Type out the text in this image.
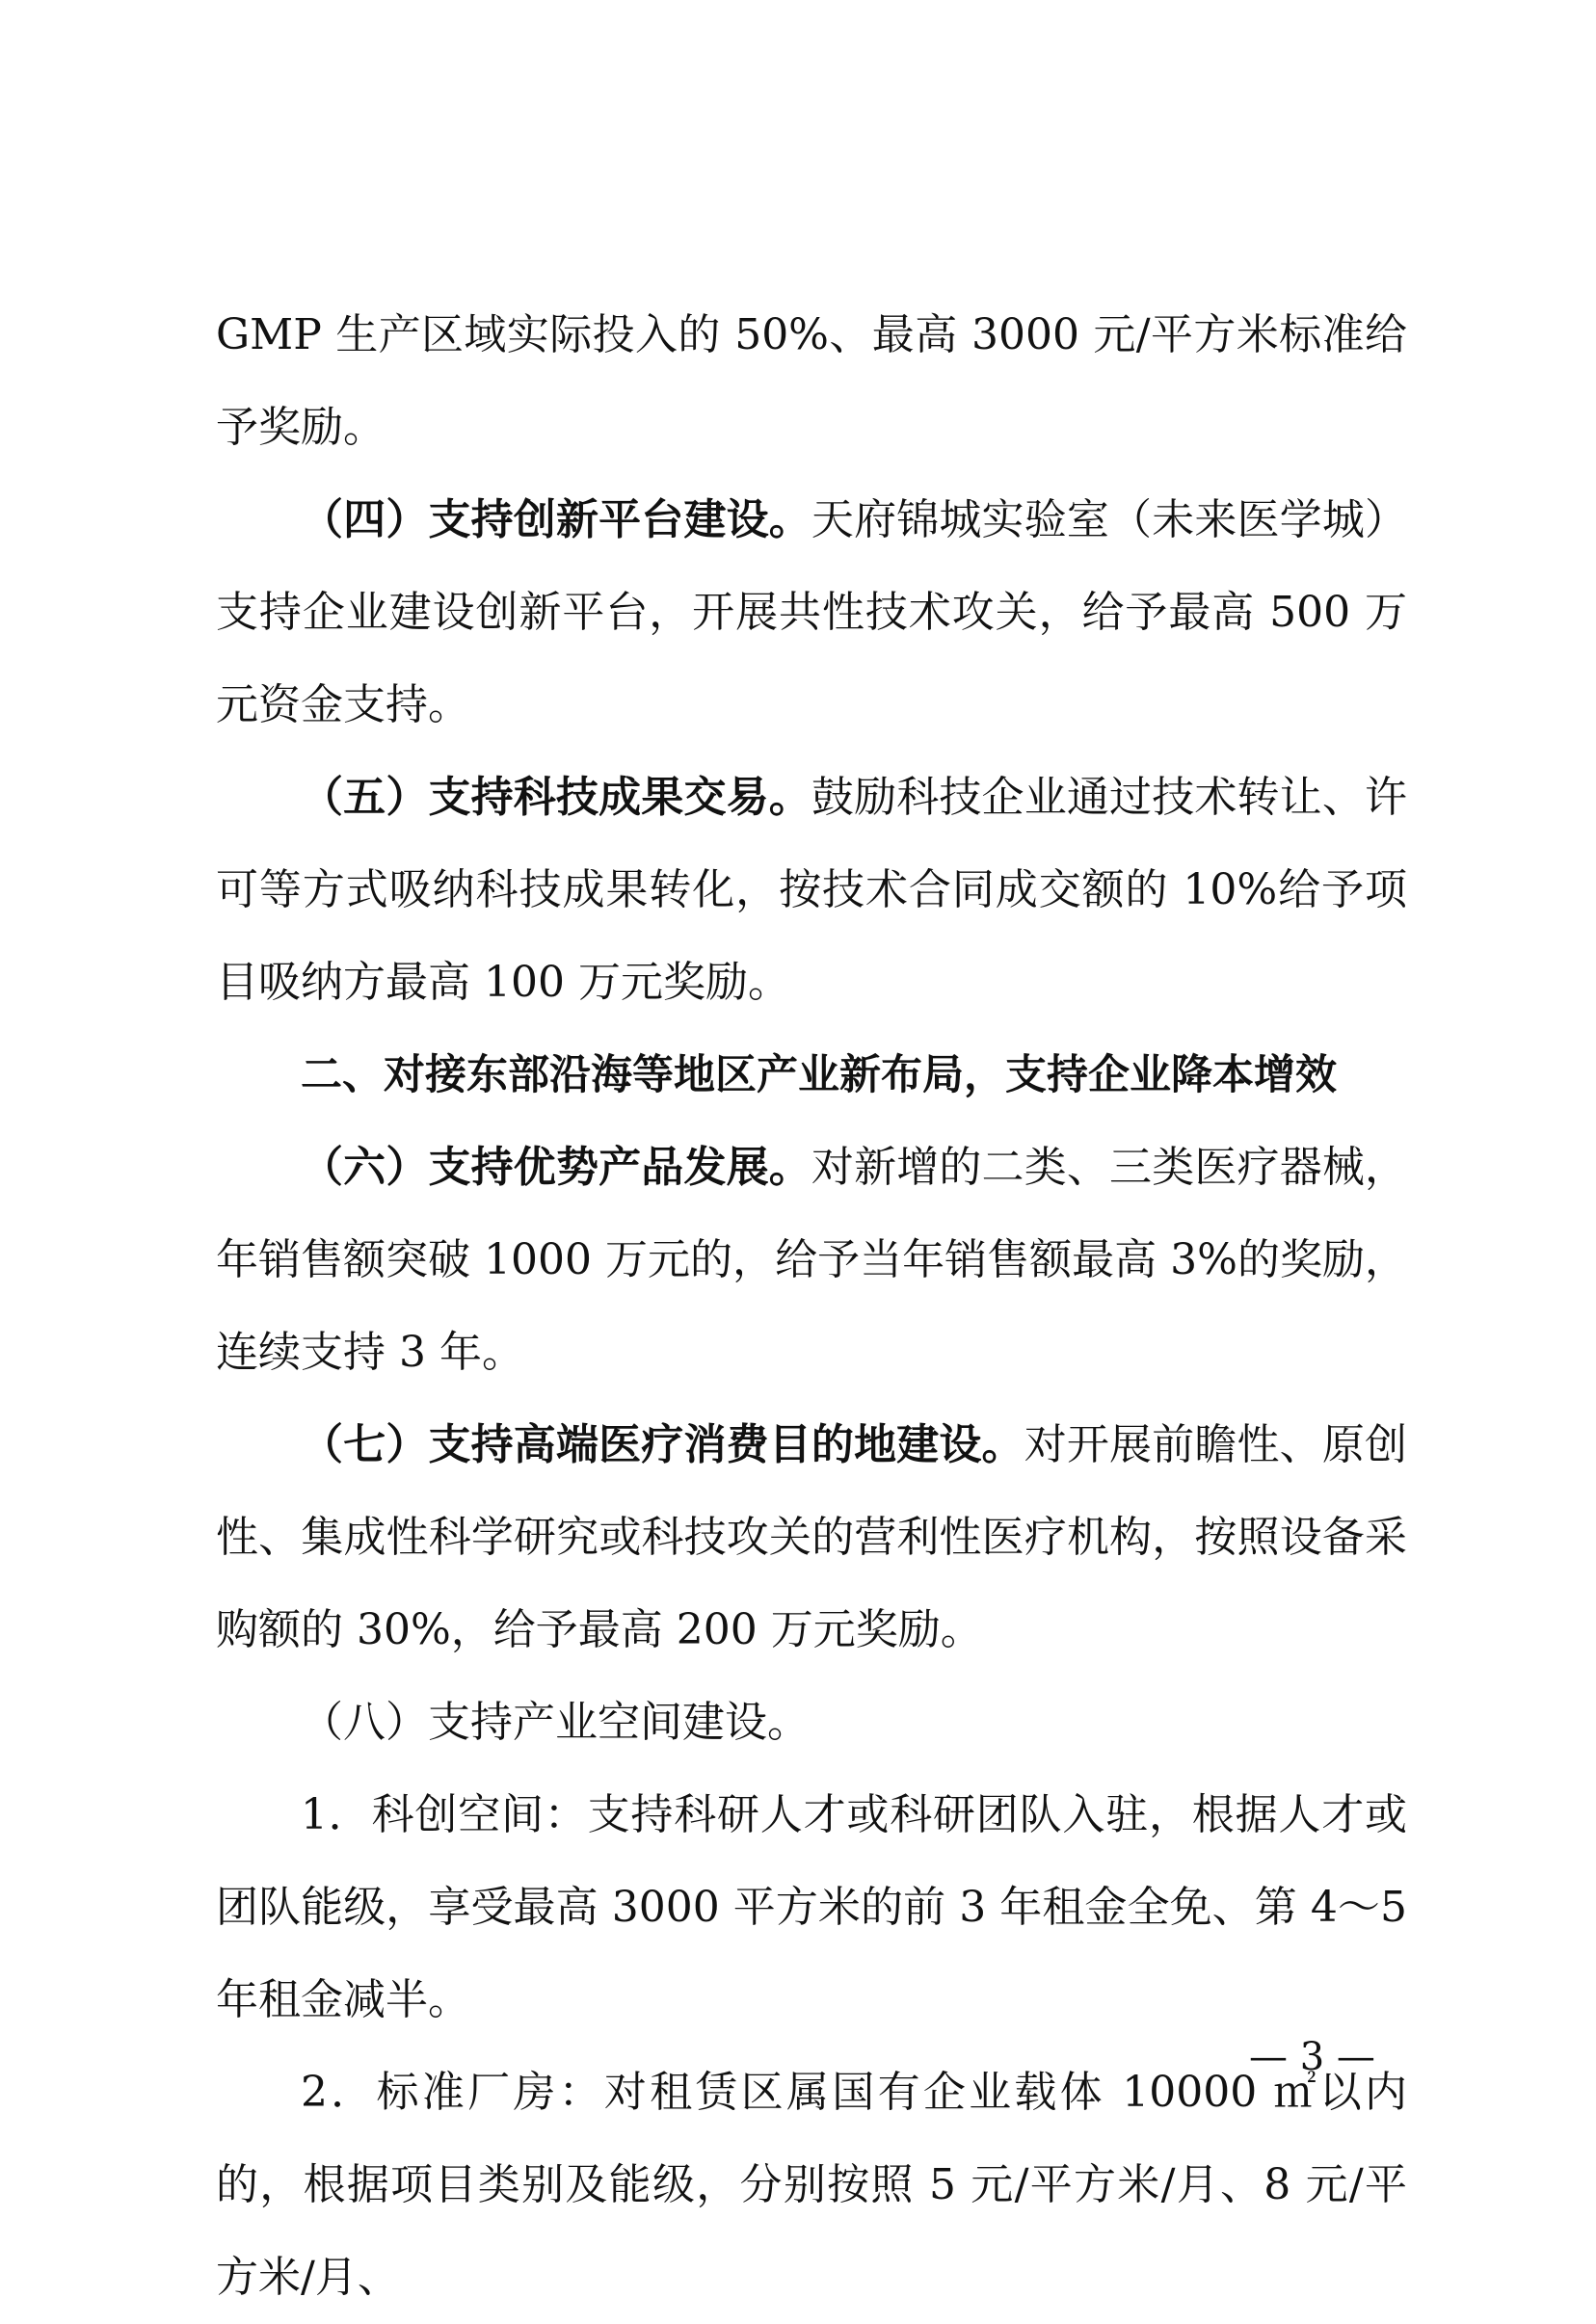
GMP 生产区域实际投入的 50%、最高 3000 元/平方米标准给予奖励。

（四）支持创新平台建设。天府锦城实验室（未来医学城）支持企业建设创新平台，开展共性技术攻关，给予最高 500 万元资金支持。

（五）支持科技成果交易。鼓励科技企业通过技术转让、许可等方式吸纳科技成果转化，按技术合同成交额的 10%给予项目吸纳方最高 100 万元奖励。

二、对接东部沿海等地区产业新布局，支持企业降本增效

（六）支持优势产品发展。对新增的二类、三类医疗器械，年销售额突破 1000 万元的，给予当年销售额最高 3%的奖励，连续支持 3 年。

（七）支持高端医疗消费目的地建设。对开展前瞻性、原创性、集成性科学研究或科技攻关的营利性医疗机构，按照设备采购额的 30%，给予最高 200 万元奖励。

（八）支持产业空间建设。

1．科创空间：支持科研人才或科研团队入驻，根据人才或团队能级，享受最高 3000 平方米的前 3 年租金全免、第 4～5 年租金减半。

2．标准厂房：对租赁区属国有企业载体 10000 ㎡以内的，根据项目类别及能级，分别按照 5 元/平方米/月、8 元/平方米/月、

— 3 —
